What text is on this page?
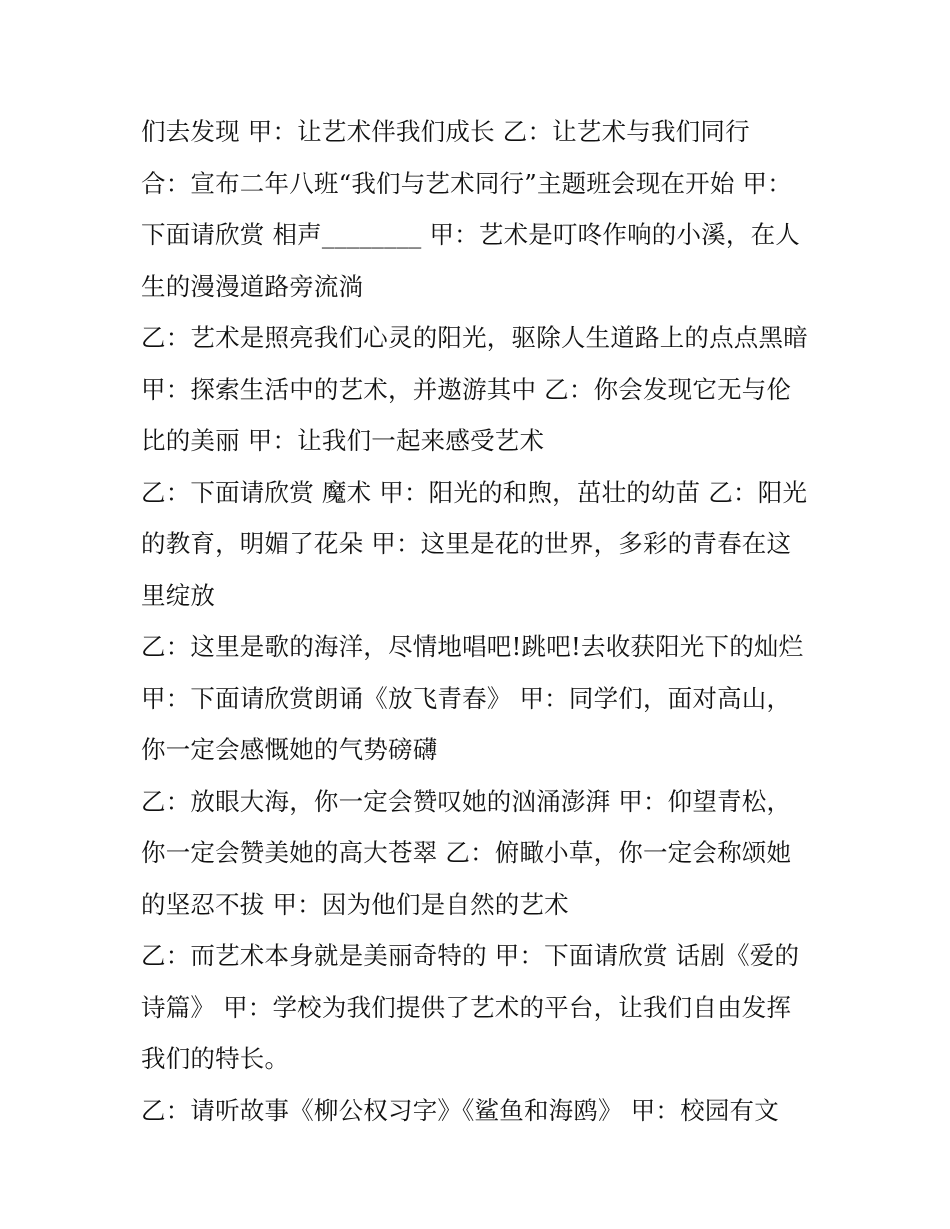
们去发现 甲：让艺术伴我们成长 乙：让艺术与我们同行
合：宣布二年八班“我们与艺术同行”主题班会现在开始 甲：
下面请欣赏 相声________ 甲：艺术是叮咚作响的小溪，在人
生的漫漫道路旁流淌
乙：艺术是照亮我们心灵的阳光，驱除人生道路上的点点黑暗
甲：探索生活中的艺术，并遨游其中 乙：你会发现它无与伦
比的美丽 甲：让我们一起来感受艺术
乙：下面请欣赏 魔术 甲：阳光的和煦，茁壮的幼苗 乙：阳光
的教育，明媚了花朵 甲：这里是花的世界，多彩的青春在这
里绽放
乙：这里是歌的海洋，尽情地唱吧!跳吧!去收获阳光下的灿烂
甲：下面请欣赏朗诵《放飞青春》 甲：同学们，面对高山，
你一定会感慨她的气势磅礴
乙：放眼大海，你一定会赞叹她的汹涌澎湃 甲：仰望青松，
你一定会赞美她的高大苍翠 乙：俯瞰小草，你一定会称颂她
的坚忍不拔 甲：因为他们是自然的艺术
乙：而艺术本身就是美丽奇特的 甲：下面请欣赏 话剧《爱的
诗篇》 甲：学校为我们提供了艺术的平台，让我们自由发挥
我们的特长。
乙：请听故事《柳公权习字》《鲨鱼和海鸥》 甲：校园有文
